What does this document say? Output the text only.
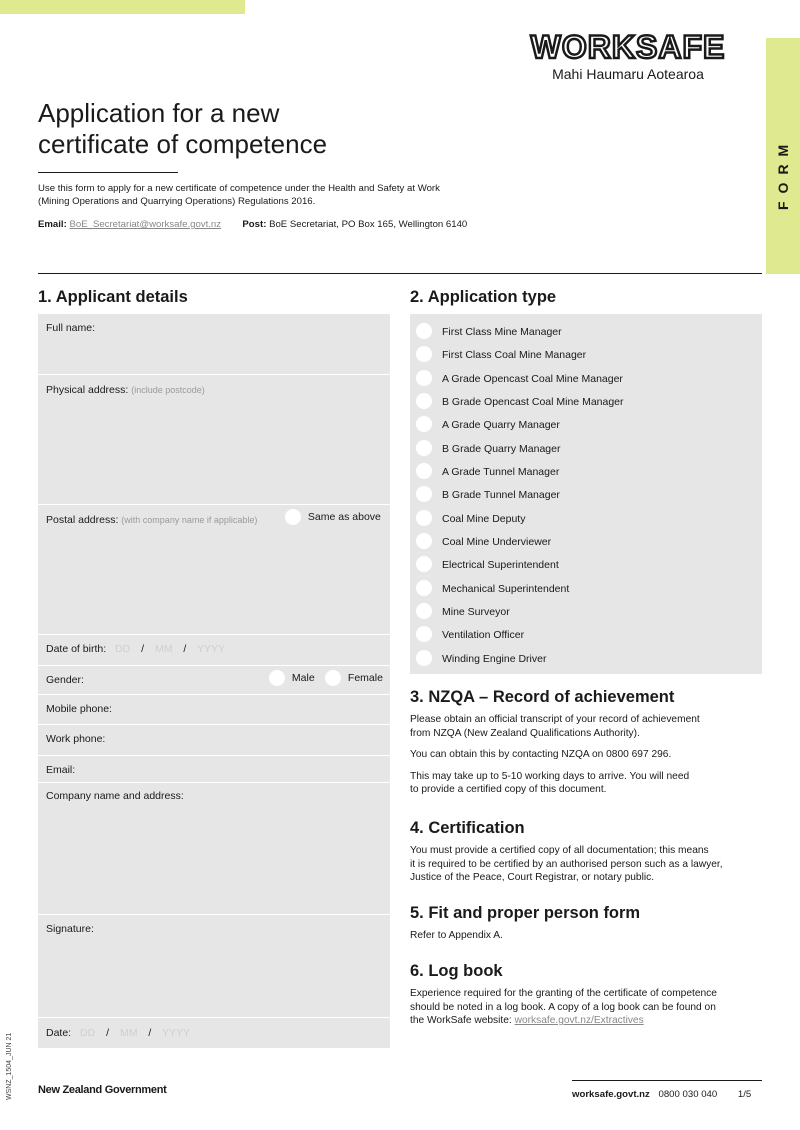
FORM
WORKSAFE
Mahi Haumaru Aotearoa
Application for a new
certificate of competence
Use this form to apply for a new certificate of competence under the Health and Safety at Work
(Mining Operations and Quarrying Operations) Regulations 2016.
Email: BoE_Secretariat@worksafe.govt.nz Post: BoE Secretariat, PO Box 165, Wellington 6140
1. Applicant details
Full name:
Physical address: (include postcode)
Postal address: (with company name if applicable)	Same as above
Date of birth: DD / MM / YYYY
Gender:	Male	Female
Mobile phone:
Work phone:
Email:
Company name and address:
Signature:
Date: DD / MM / YYYY
2. Application type
First Class Mine Manager
First Class Coal Mine Manager
A Grade Opencast Coal Mine Manager
B Grade Opencast Coal Mine Manager
A Grade Quarry Manager
B Grade Quarry Manager
A Grade Tunnel Manager
B Grade Tunnel Manager
Coal Mine Deputy
Coal Mine Underviewer
Electrical Superintendent
Mechanical Superintendent
Mine Surveyor
Ventilation Officer
Winding Engine Driver
3. NZQA – Record of achievement

Please obtain an official transcript of your record of achievement
from NZQA (New Zealand Qualifications Authority).

You can obtain this by contacting NZQA on 0800 697 296.

This may take up to 5-10 working days to arrive. You will need
to provide a certified copy of this document.

4. Certification

You must provide a certified copy of all documentation; this means
it is required to be certified by an authorised person such as a lawyer,
Justice of the Peace, Court Registrar, or notary public.

5. Fit and proper person form

Refer to Appendix A.

6. Log book

Experience required for the granting of the certificate of competence
should be noted in a log book. A copy of a log book can be found on
the WorkSafe website: worksafe.govt.nz/Extractives

WSNZ_1504_JUN 21 New Zealand Government	worksafe.govt.nz 0800 030 040 1/5
